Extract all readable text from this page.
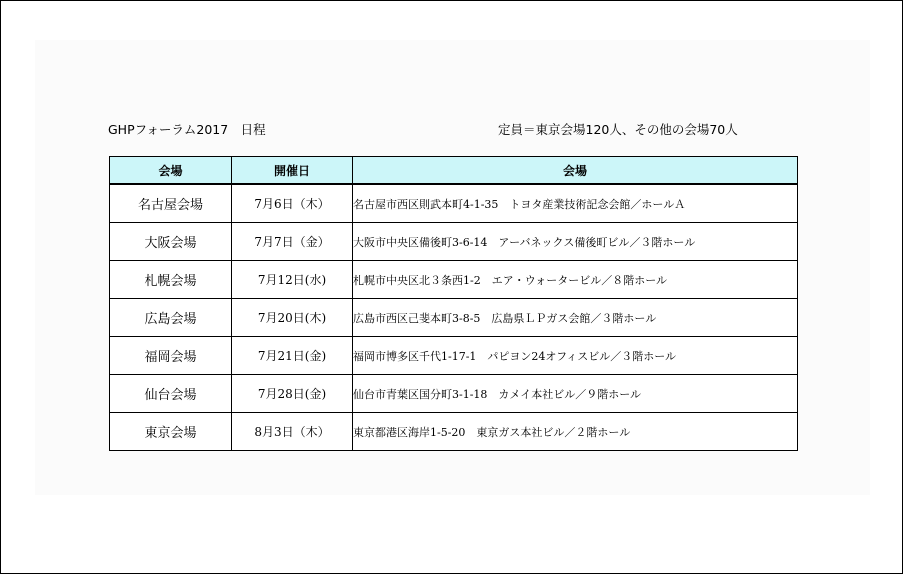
GHPフォーラム2017　日程	定員＝東京会場120人、その他の会場70人
会場	開催日	会場
名古屋会場	7月6日（木）	名古屋市西区則武本町4-1-35　トヨタ産業技術記念会館／ホールＡ
大阪会場	7月7日（金）	大阪市中央区備後町3-6-14　アーバネックス備後町ビル／３階ホール
札幌会場	7月12日(水)	札幌市中央区北３条西1-2　エア・ウォータービル／８階ホール
広島会場	7月20日(木)	広島市西区己斐本町3-8-5　広島県ＬＰガス会館／３階ホール
福岡会場	7月21日(金)	福岡市博多区千代1-17-1　パピヨン24オフィスビル／３階ホール
仙台会場	7月28日(金)	仙台市青葉区国分町3-1-18　カメイ本社ビル／９階ホール
東京会場	8月3日（木）	東京都港区海岸1-5-20　東京ガス本社ビル／２階ホール
